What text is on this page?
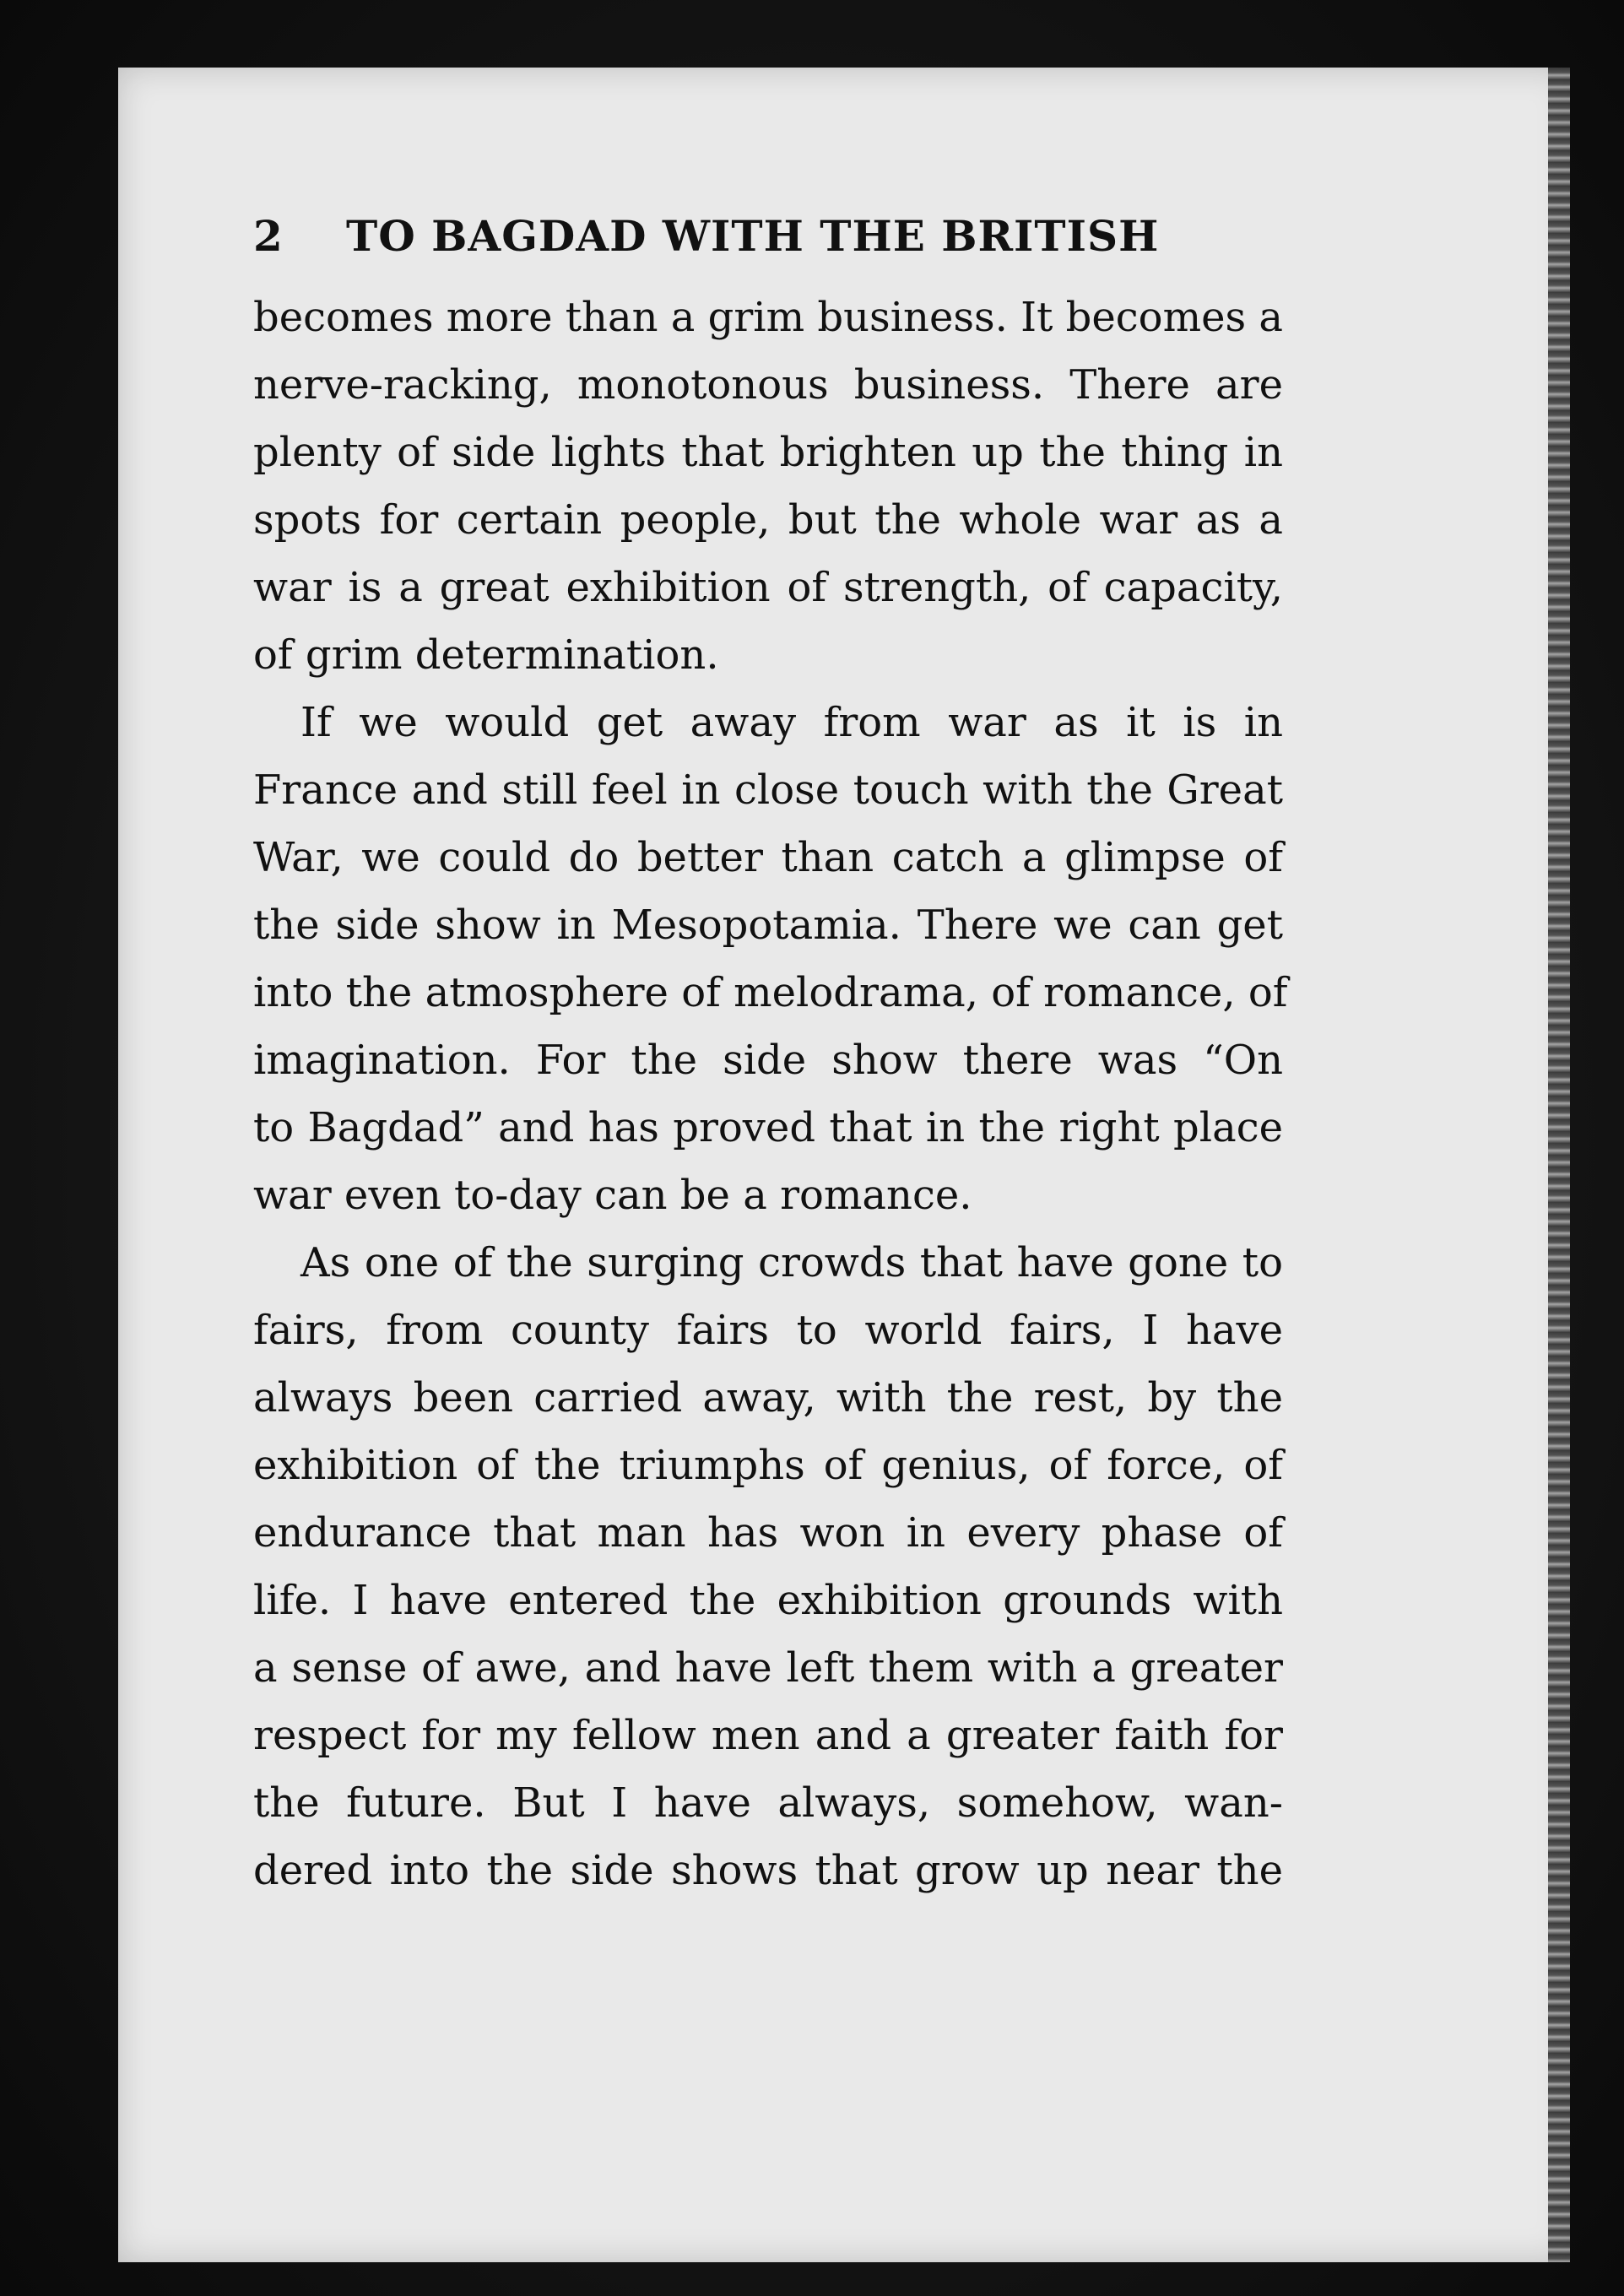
2	TO BAGDAD WITH THE BRITISH

becomes more than a grim business. It becomes a
nerve-racking, monotonous business. There are
plenty of side lights that brighten up the thing in
spots for certain people, but the whole war as a
war is a great exhibition of strength, of capacity,
of grim determination.

If we would get away from war as it is in
France and still feel in close touch with the Great
War, we could do better than catch a glimpse of
the side show in Mesopotamia. There we can get
into the atmosphere of melodrama, of romance, of
imagination. For the side show there was “On
to Bagdad” and has proved that in the right place
war even to-day can be a romance.

As one of the surging crowds that have gone to
fairs, from county fairs to world fairs, I have
always been carried away, with the rest, by the
exhibition of the triumphs of genius, of force, of
endurance that man has won in every phase of
life. I have entered the exhibition grounds with
a sense of awe, and have left them with a greater
respect for my fellow men and a greater faith for
the future. But I have always, somehow, wan-
dered into the side shows that grow up near the
